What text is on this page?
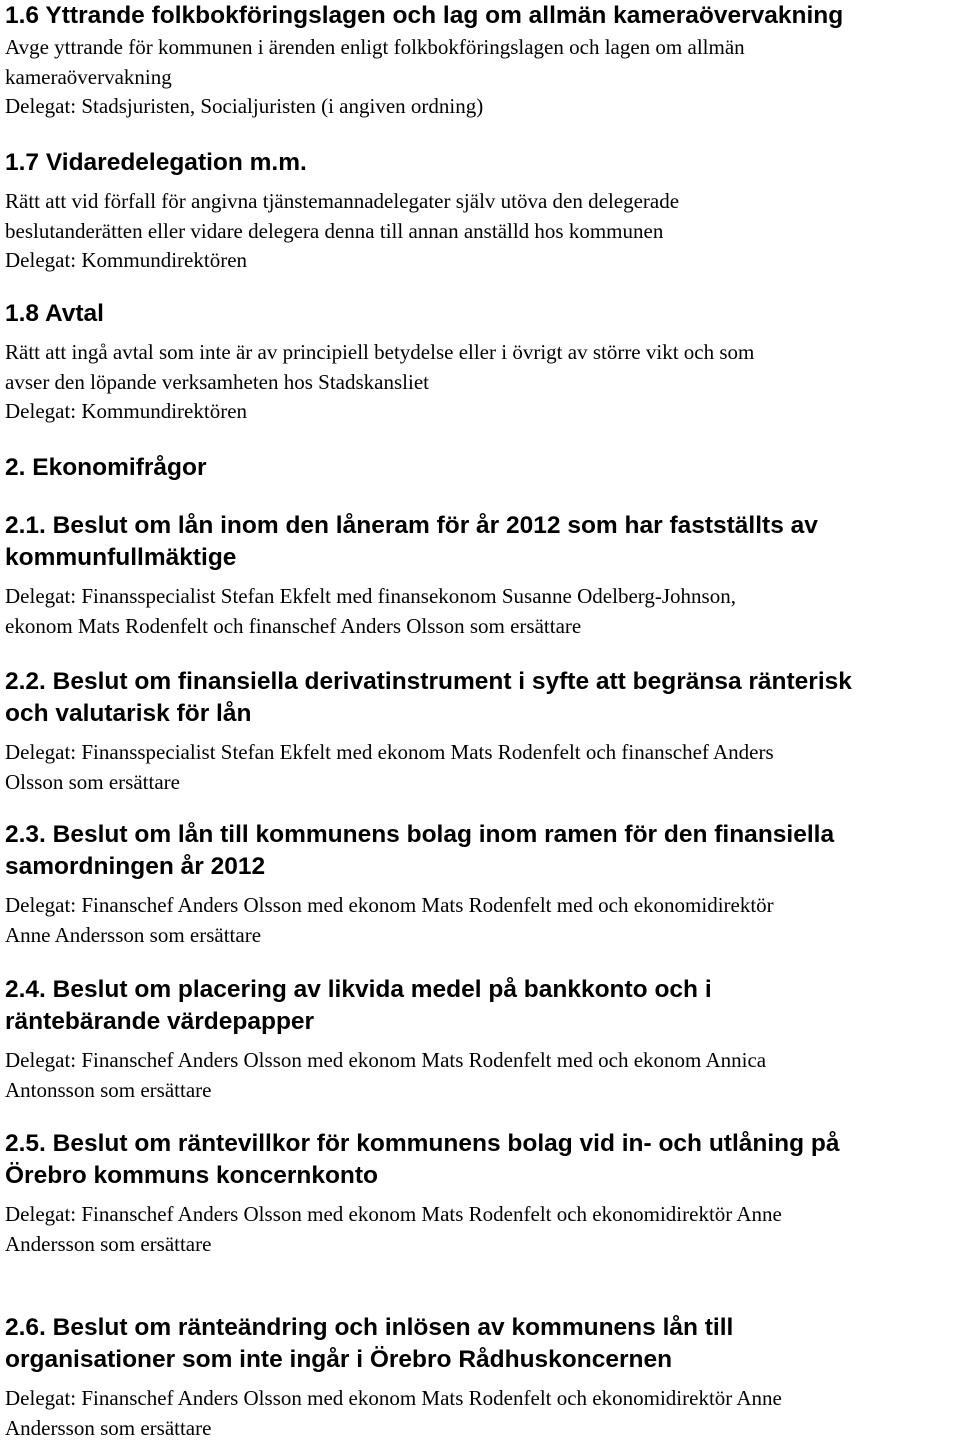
1.6 Yttrande folkbokföringslagen och lag om allmän kameraövervakning

Avge yttrande för kommunen i ärenden enligt folkbokföringslagen och lagen om allmän

kameraövervakning

Delegat: Stadsjuristen, Socialjuristen (i angiven ordning)

1.7 Vidaredelegation m.m.

Rätt att vid förfall för angivna tjänstemannadelegater själv utöva den delegerade

beslutanderätten eller vidare delegera denna till annan anställd hos kommunen

Delegat: Kommundirektören

1.8 Avtal

Rätt att ingå avtal som inte är av principiell betydelse eller i övrigt av större vikt och som

avser den löpande verksamheten hos Stadskansliet

Delegat: Kommundirektören

2. Ekonomifrågor

2.1. Beslut om lån inom den låneram för år 2012 som har fastställts av

kommunfullmäktige

Delegat: Finansspecialist Stefan Ekfelt med finansekonom Susanne Odelberg-Johnson,

ekonom Mats Rodenfelt och finanschef Anders Olsson som ersättare

2.2. Beslut om finansiella derivatinstrument i syfte att begränsa ränterisk

och valutarisk för lån

Delegat: Finansspecialist Stefan Ekfelt med ekonom Mats Rodenfelt och finanschef Anders

Olsson som ersättare

2.3. Beslut om lån till kommunens bolag inom ramen för den finansiella

samordningen år 2012

Delegat: Finanschef Anders Olsson med ekonom Mats Rodenfelt med och ekonomidirektör

Anne Andersson som ersättare

2.4. Beslut om placering av likvida medel på bankkonto och i

räntebärande värdepapper

Delegat: Finanschef Anders Olsson med ekonom Mats Rodenfelt med och ekonom Annica

Antonsson som ersättare

2.5. Beslut om räntevillkor för kommunens bolag vid in- och utlåning på

Örebro kommuns koncernkonto

Delegat: Finanschef Anders Olsson med ekonom Mats Rodenfelt och ekonomidirektör Anne

Andersson som ersättare

2.6. Beslut om ränteändring och inlösen av kommunens lån till

organisationer som inte ingår i Örebro Rådhuskoncernen

Delegat: Finanschef Anders Olsson med ekonom Mats Rodenfelt och ekonomidirektör Anne

Andersson som ersättare
